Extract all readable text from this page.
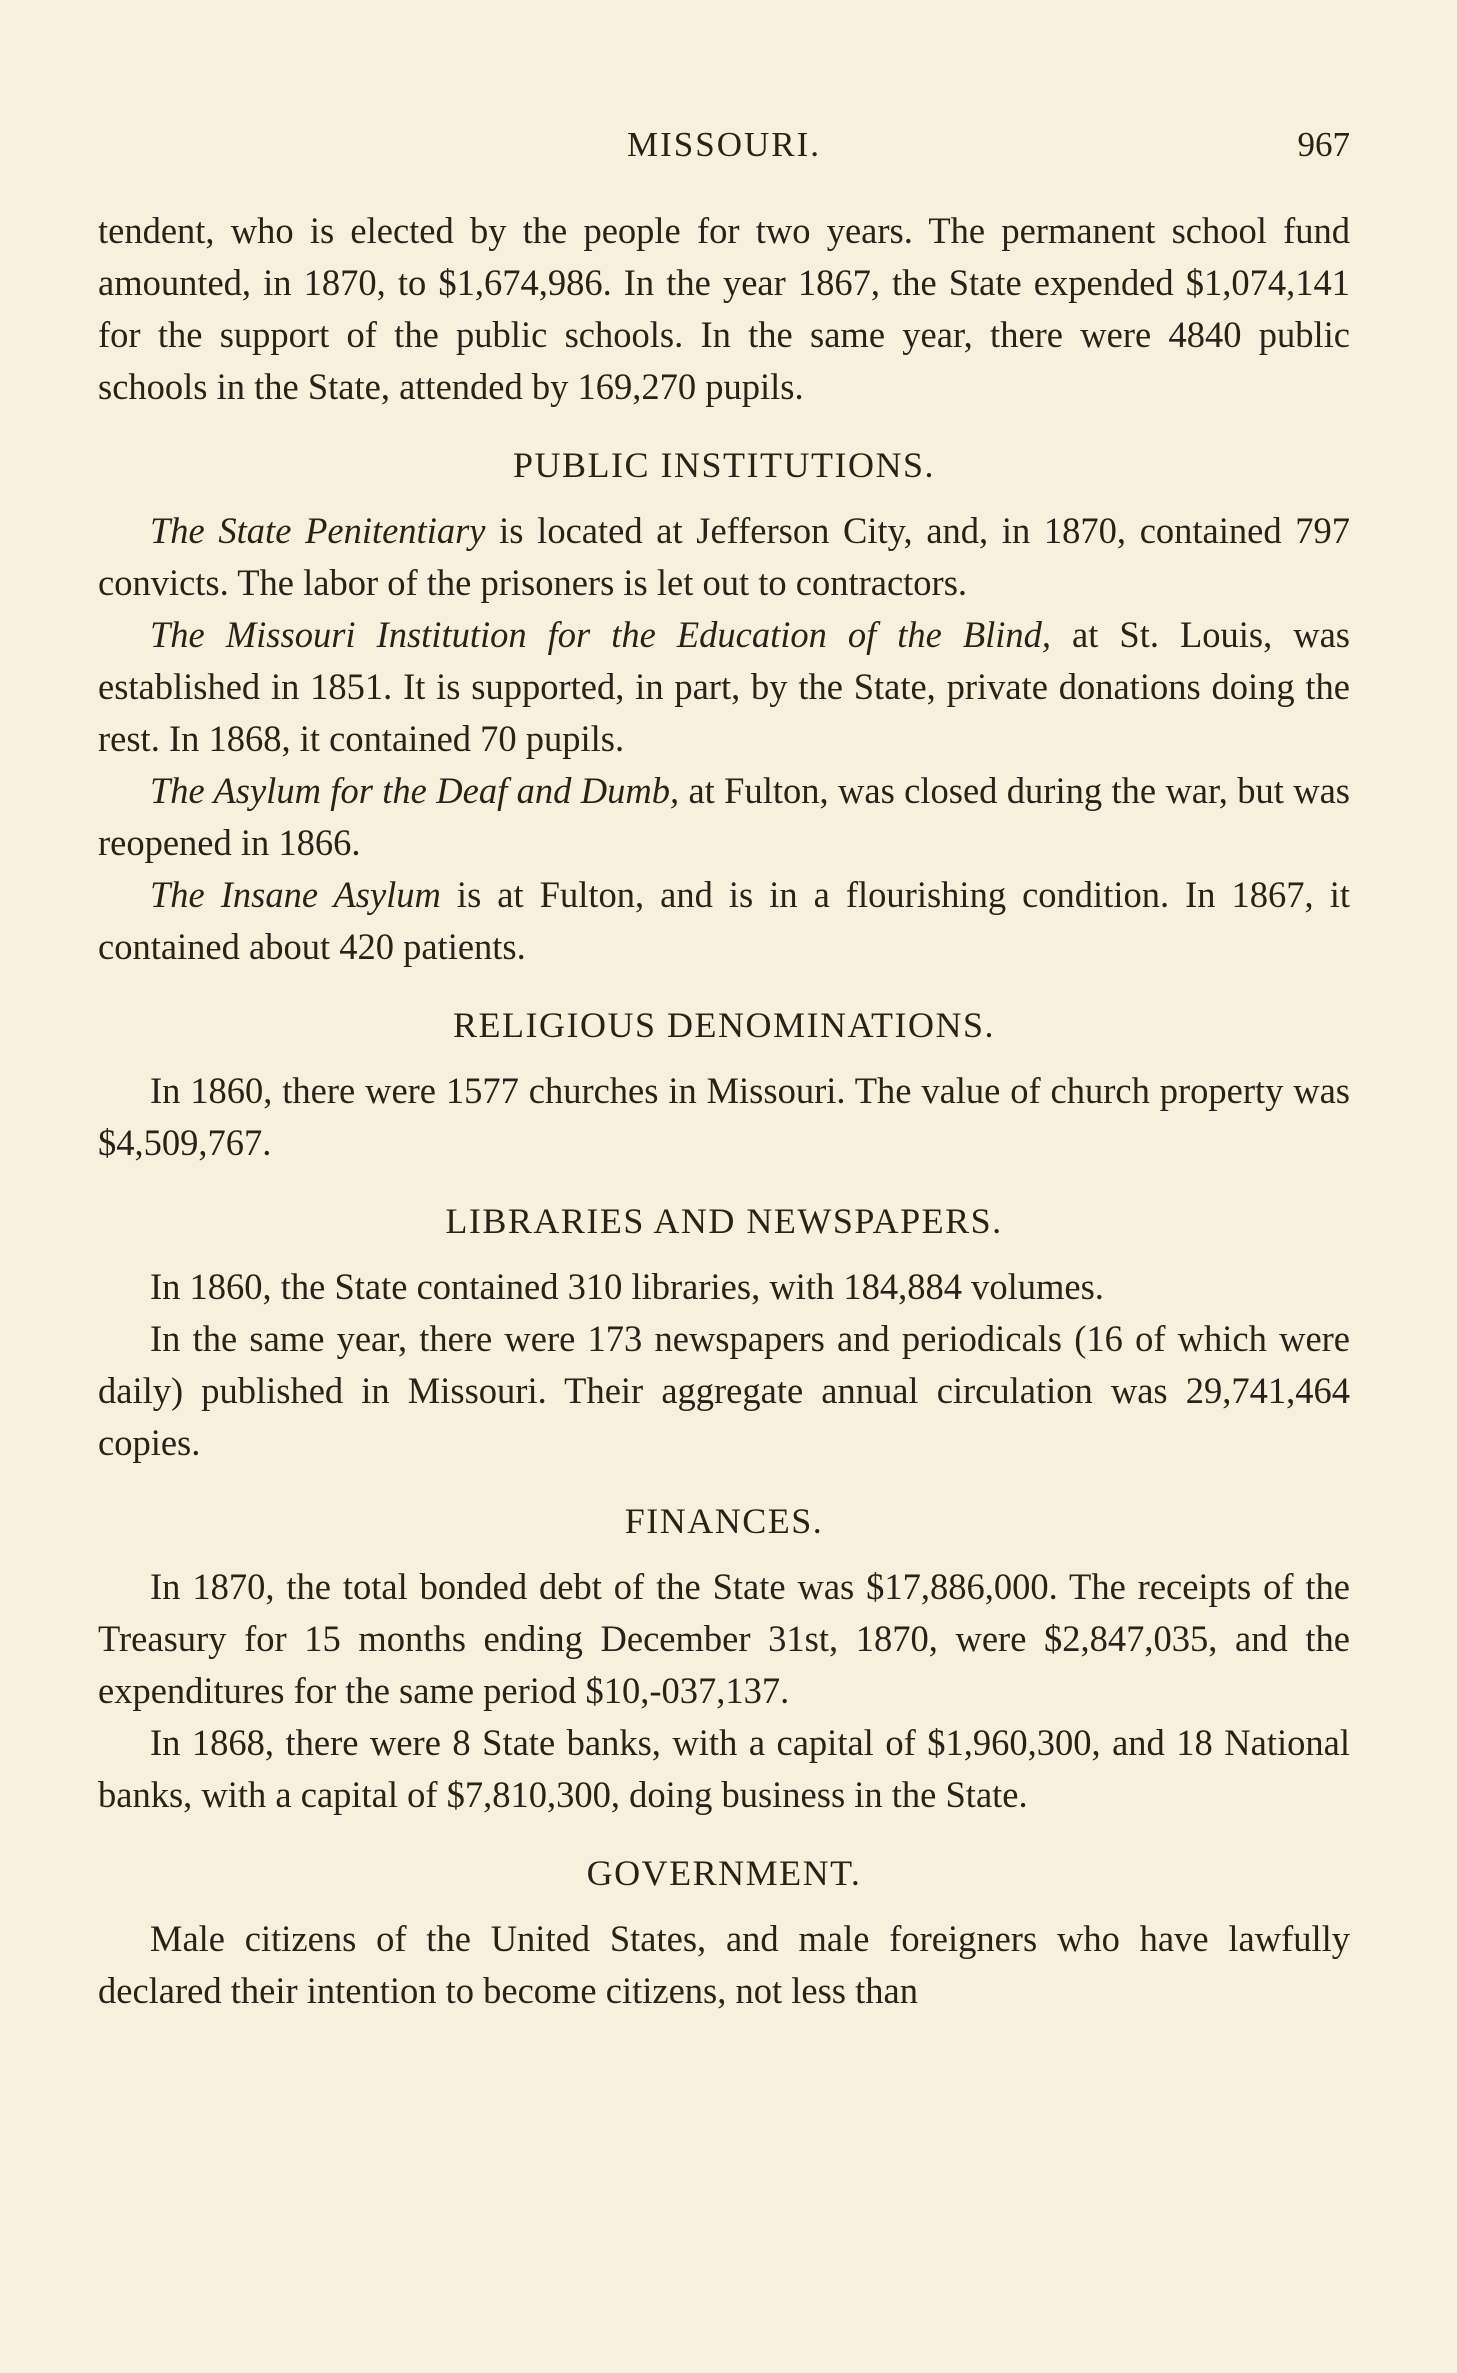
MISSOURI.	967

tendent, who is elected by the people for two years. The permanent school fund amounted, in 1870, to $1,674,986. In the year 1867, the State expended $1,074,141 for the support of the public schools. In the same year, there were 4840 public schools in the State, attended by 169,270 pupils.

PUBLIC INSTITUTIONS.

The State Penitentiary is located at Jefferson City, and, in 1870, contained 797 convicts. The labor of the prisoners is let out to contractors.

The Missouri Institution for the Education of the Blind, at St. Louis, was established in 1851. It is supported, in part, by the State, private donations doing the rest. In 1868, it contained 70 pupils.

The Asylum for the Deaf and Dumb, at Fulton, was closed during the war, but was reopened in 1866.

The Insane Asylum is at Fulton, and is in a flourishing condition. In 1867, it contained about 420 patients.

RELIGIOUS DENOMINATIONS.

In 1860, there were 1577 churches in Missouri. The value of church property was $4,509,767.

LIBRARIES AND NEWSPAPERS.

In 1860, the State contained 310 libraries, with 184,884 volumes.

In the same year, there were 173 newspapers and periodicals (16 of which were daily) published in Missouri. Their aggregate annual circulation was 29,741,464 copies.

FINANCES.

In 1870, the total bonded debt of the State was $17,886,000. The receipts of the Treasury for 15 months ending December 31st, 1870, were $2,847,035, and the expenditures for the same period $10,-037,137.

In 1868, there were 8 State banks, with a capital of $1,960,300, and 18 National banks, with a capital of $7,810,300, doing business in the State.

GOVERNMENT.

Male citizens of the United States, and male foreigners who have lawfully declared their intention to become citizens, not less than
